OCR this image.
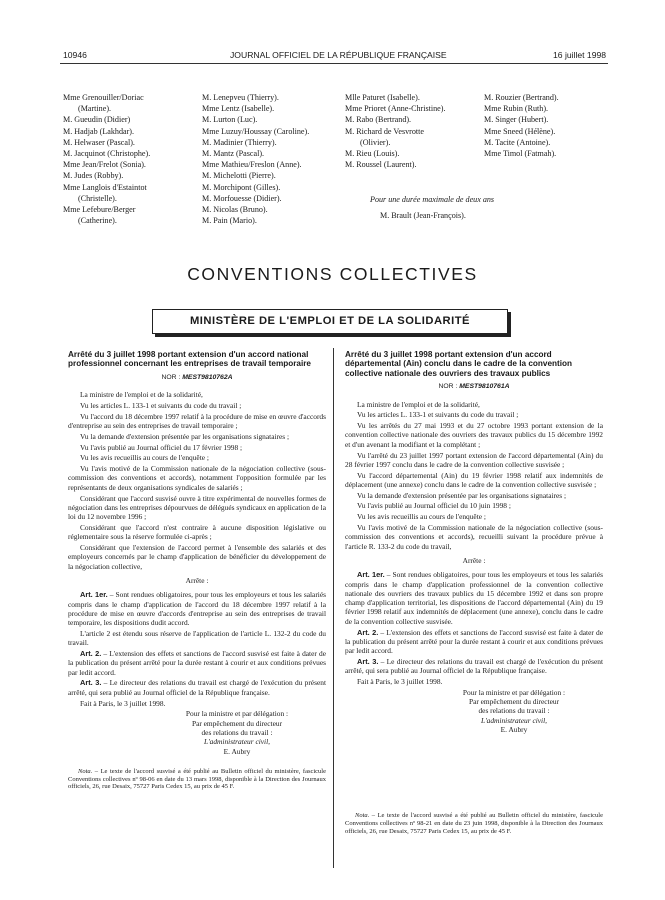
10946	JOURNAL OFFICIEL DE LA RÉPUBLIQUE FRANÇAISE	16 juillet 1998
Mme Grenouiller/Doriac
(Martine).
M. Gueudin (Didier)
M. Hadjab (Lakhdar).
M. Helwaser (Pascal).
M. Jacquinot (Christophe).
Mme Jean/Frelot (Sonia).
M. Judes (Robby).
Mme Langlois d'Estaintot
(Christelle).
Mme Lefebure/Berger
(Catherine).
M. Lenepveu (Thierry).
Mme Lentz (Isabelle).
M. Lurton (Luc).
Mme Luzuy/Houssay (Caroline).
M. Madinier (Thierry).
M. Mantz (Pascal).
Mme Mathieu/Freslon (Anne).
M. Michelotti (Pierre).
M. Morchipont (Gilles).
M. Morfouesse (Didier).
M. Nicolas (Bruno).
M. Pain (Mario).
Mlle Paturet (Isabelle).
Mme Prioret (Anne-Christine).
M. Rabo (Bertrand).
M. Richard de Vesvrotte
(Olivier).
M. Rieu (Louis).
M. Roussel (Laurent).
M. Rouzier (Bertrand).
Mme Rubin (Ruth).
M. Singer (Hubert).
Mme Sneed (Hélène).
M. Tacite (Antoine).
Mme Timol (Fatmah).
Pour une durée maximale de deux ans
M. Brault (Jean-François).
CONVENTIONS COLLECTIVES
MINISTÈRE DE L'EMPLOI ET DE LA SOLIDARITÉ

Arrêté du 3 juillet 1998 portant extension d'un accord national professionnel concernant les entreprises de travail temporaire

NOR : MESТ9810762A

La ministre de l'emploi et de la solidarité,

Vu les articles L. 133-1 et suivants du code du travail ;

Vu l'accord du 18 décembre 1997 relatif à la procédure de mise en œuvre d'accords d'entreprise au sein des entreprises de travail temporaire ;

Vu la demande d'extension présentée par les organisations signataires ;

Vu l'avis publié au Journal officiel du 17 février 1998 ;

Vu les avis recueillis au cours de l'enquête ;

Vu l'avis motivé de la Commission nationale de la négociation collective (sous-commission des conventions et accords), notamment l'opposition formulée par les représentants de deux organisations syndicales de salariés ;

Considérant que l'accord susvisé ouvre à titre expérimental de nouvelles formes de négociation dans les entreprises dépourvues de délégués syndicaux en application de la loi du 12 novembre 1996 ;

Considérant que l'accord n'est contraire à aucune disposition législative ou réglementaire sous la réserve formulée ci-après ;

Considérant que l'extension de l'accord permet à l'ensemble des salariés et des employeurs concernés par le champ d'application de bénéficier du développement de la négociation collective,

Arrête :

Art. 1er. – Sont rendues obligatoires, pour tous les employeurs et tous les salariés compris dans le champ d'application de l'accord du 18 décembre 1997 relatif à la procédure de mise en œuvre d'accords d'entreprise au sein des entreprises de travail temporaire, les dispositions dudit accord.

L'article 2 est étendu sous réserve de l'application de l'article L. 132-2 du code du travail.

Art. 2. – L'extension des effets et sanctions de l'accord susvisé est faite à dater de la publication du présent arrêté pour la durée restant à courir et aux conditions prévues par ledit accord.

Art. 3. – Le directeur des relations du travail est chargé de l'exécution du présent arrêté, qui sera publié au Journal officiel de la République française.

Fait à Paris, le 3 juillet 1998.

Pour la ministre et par délégation :

Par empêchement du directeur

des relations du travail :

L'administrateur civil,

E. Aubry

Nota. – Le texte de l'accord susvisé a été publié au Bulletin officiel du ministère, fascicule Conventions collectives nº 98-06 en date du 13 mars 1998, disponible à la Direction des Journaux officiels, 26, rue Desaix, 75727 Paris Cedex 15, au prix de 45 F.

Arrêté du 3 juillet 1998 portant extension d'un accord départemental (Ain) conclu dans le cadre de la convention collective nationale des ouvriers des travaux publics

NOR : MEST9810761A

La ministre de l'emploi et de la solidarité,

Vu les articles L. 133-1 et suivants du code du travail ;

Vu les arrêtés du 27 mai 1993 et du 27 octobre 1993 portant extension de la convention collective nationale des ouvriers des travaux publics du 15 décembre 1992 et d'un avenant la modifiant et la complétant ;

Vu l'arrêté du 23 juillet 1997 portant extension de l'accord départemental (Ain) du 28 février 1997 conclu dans le cadre de la convention collective susvisée ;

Vu l'accord départemental (Ain) du 19 février 1998 relatif aux indemnités de déplacement (une annexe) conclu dans le cadre de la convention collective susvisée ;

Vu la demande d'extension présentée par les organisations signataires ;

Vu l'avis publié au Journal officiel du 10 juin 1998 ;

Vu les avis recueillis au cours de l'enquête ;

Vu l'avis motivé de la Commission nationale de la négociation collective (sous-commission des conventions et accords), recueilli suivant la procédure prévue à l'article R. 133-2 du code du travail,

Arrête :

Art. 1er. – Sont rendues obligatoires, pour tous les employeurs et tous les salariés compris dans le champ d'application professionnel de la convention collective nationale des ouvriers des travaux publics du 15 décembre 1992 et dans son propre champ d'application territorial, les dispositions de l'accord départemental (Ain) du 19 février 1998 relatif aux indemnités de déplacement (une annexe), conclu dans le cadre de la convention collective susvisée.

Art. 2. – L'extension des effets et sanctions de l'accord susvisé est faite à dater de la publication du présent arrêté pour la durée restant à courir et aux conditions prévues par ledit accord.

Art. 3. – Le directeur des relations du travail est chargé de l'exécution du présent arrêté, qui sera publié au Journal officiel de la République française.

Fait à Paris, le 3 juillet 1998.

Pour la ministre et par délégation :

Par empêchement du directeur

des relations du travail :

L'administrateur civil,

E. Aubry

Nota. – Le texte de l'accord susvisé a été publié au Bulletin officiel du ministère, fascicule Conventions collectives nº 98-21 en date du 23 juin 1998, disponible à la Direction des Journaux officiels, 26, rue Desaix, 75727 Paris Cedex 15, au prix de 45 F.
